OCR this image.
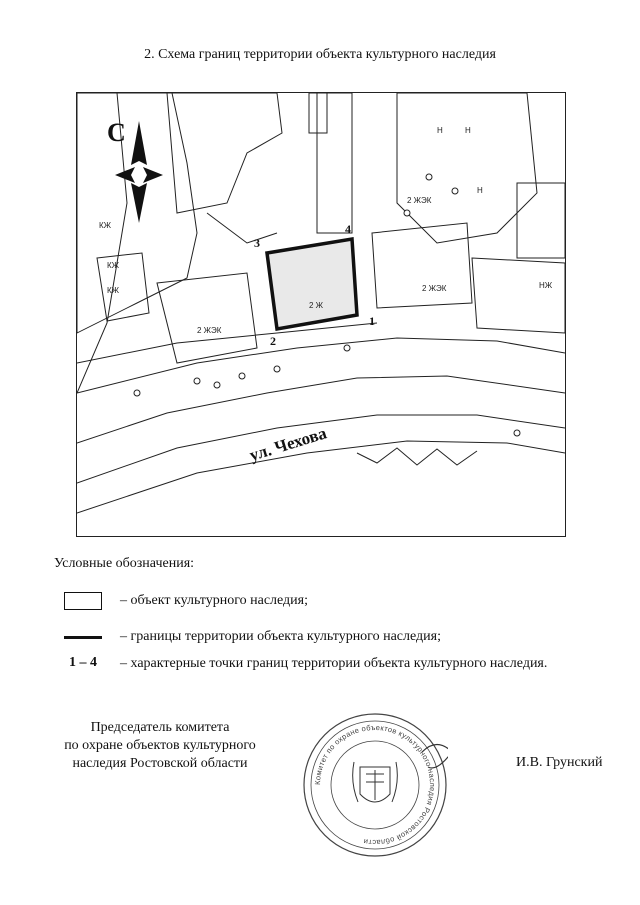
2. Схема границ территории объекта культурного наследия
2 ЖЭК
2 ЖЭК
2 ЖЭК
КЖ
Н	Н
Н
НЖ
КЖ
КЖ
ул. Чехова
С
2 Ж
1
2
3
4
Условные обозначения:
– объект культурного наследия;
– границы территории объекта культурного наследия;
1 – 4	– характерные точки границ территории объекта культурного наследия.
Председатель комитета
по охране объектов культурного
наследия Ростовской области
Комитет по охране объектов культурного наследия Ростовской области
И.В. Грунский
